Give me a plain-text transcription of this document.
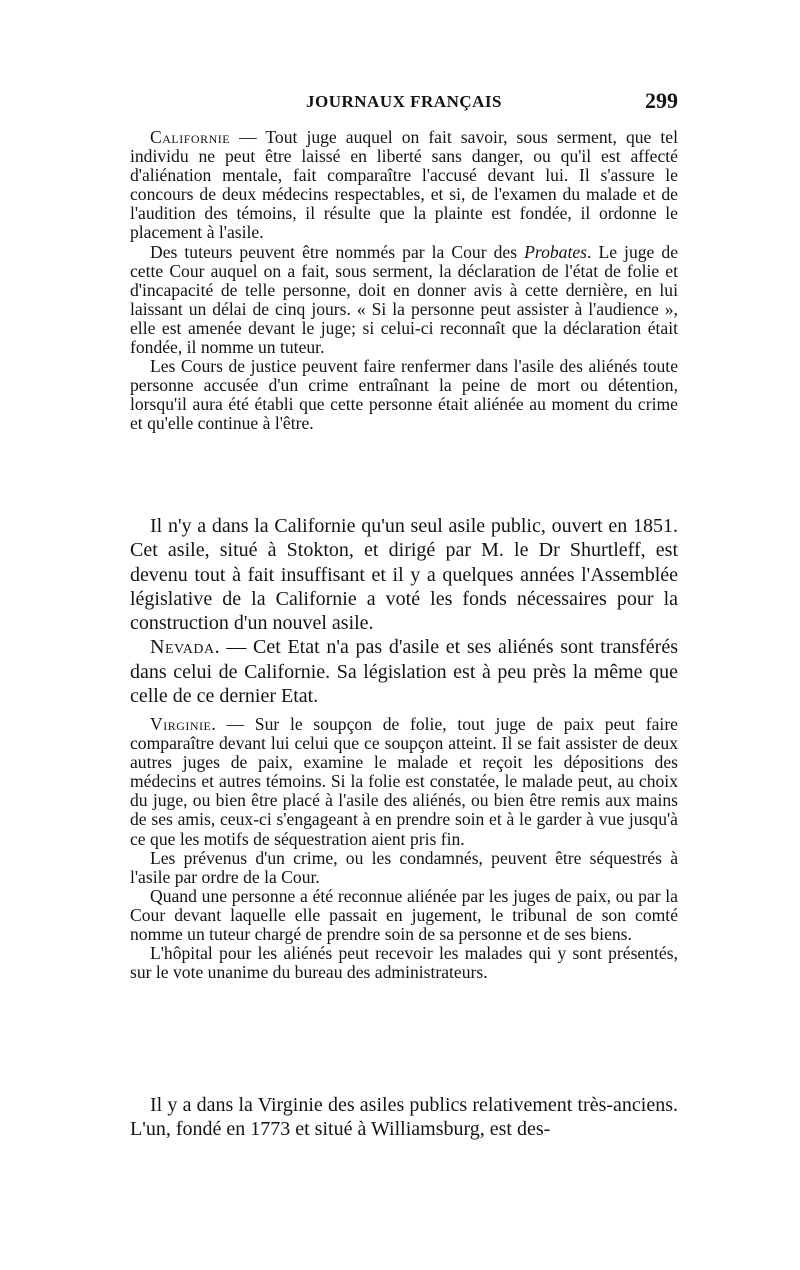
JOURNAUX FRANÇAIS	299

Californie — Tout juge auquel on fait savoir, sous serment, que tel individu ne peut être laissé en liberté sans danger, ou qu'il est affecté d'aliénation mentale, fait comparaître l'accusé devant lui. Il s'assure le concours de deux médecins respectables, et si, de l'examen du malade et de l'audition des témoins, il résulte que la plainte est fondée, il ordonne le placement à l'asile.

Des tuteurs peuvent être nommés par la Cour des Probates. Le juge de cette Cour auquel on a fait, sous serment, la déclaration de l'état de folie et d'incapacité de telle personne, doit en donner avis à cette dernière, en lui laissant un délai de cinq jours. « Si la personne peut assister à l'audience », elle est amenée devant le juge; si celui-ci reconnaît que la déclaration était fondée, il nomme un tuteur.

Les Cours de justice peuvent faire renfermer dans l'asile des aliénés toute personne accusée d'un crime entraînant la peine de mort ou détention, lorsqu'il aura été établi que cette personne était aliénée au moment du crime et qu'elle continue à l'être.

Il n'y a dans la Californie qu'un seul asile public, ouvert en 1851. Cet asile, situé à Stokton, et dirigé par M. le Dr Shurtleff, est devenu tout à fait insuffisant et il y a quelques années l'Assemblée législative de la Californie a voté les fonds nécessaires pour la construction d'un nouvel asile.

Nevada. — Cet Etat n'a pas d'asile et ses aliénés sont transférés dans celui de Californie. Sa législation est à peu près la même que celle de ce dernier Etat.

Virginie. — Sur le soupçon de folie, tout juge de paix peut faire comparaître devant lui celui que ce soupçon atteint. Il se fait assister de deux autres juges de paix, examine le malade et reçoit les dépositions des médecins et autres témoins. Si la folie est constatée, le malade peut, au choix du juge, ou bien être placé à l'asile des aliénés, ou bien être remis aux mains de ses amis, ceux-ci s'engageant à en prendre soin et à le garder à vue jusqu'à ce que les motifs de séquestration aient pris fin.

Les prévenus d'un crime, ou les condamnés, peuvent être séquestrés à l'asile par ordre de la Cour.

Quand une personne a été reconnue aliénée par les juges de paix, ou par la Cour devant laquelle elle passait en jugement, le tribunal de son comté nomme un tuteur chargé de prendre soin de sa personne et de ses biens.

L'hôpital pour les aliénés peut recevoir les malades qui y sont présentés, sur le vote unanime du bureau des administrateurs.

Il y a dans la Virginie des asiles publics relativement très-anciens. L'un, fondé en 1773 et situé à Williamsburg, est des-
